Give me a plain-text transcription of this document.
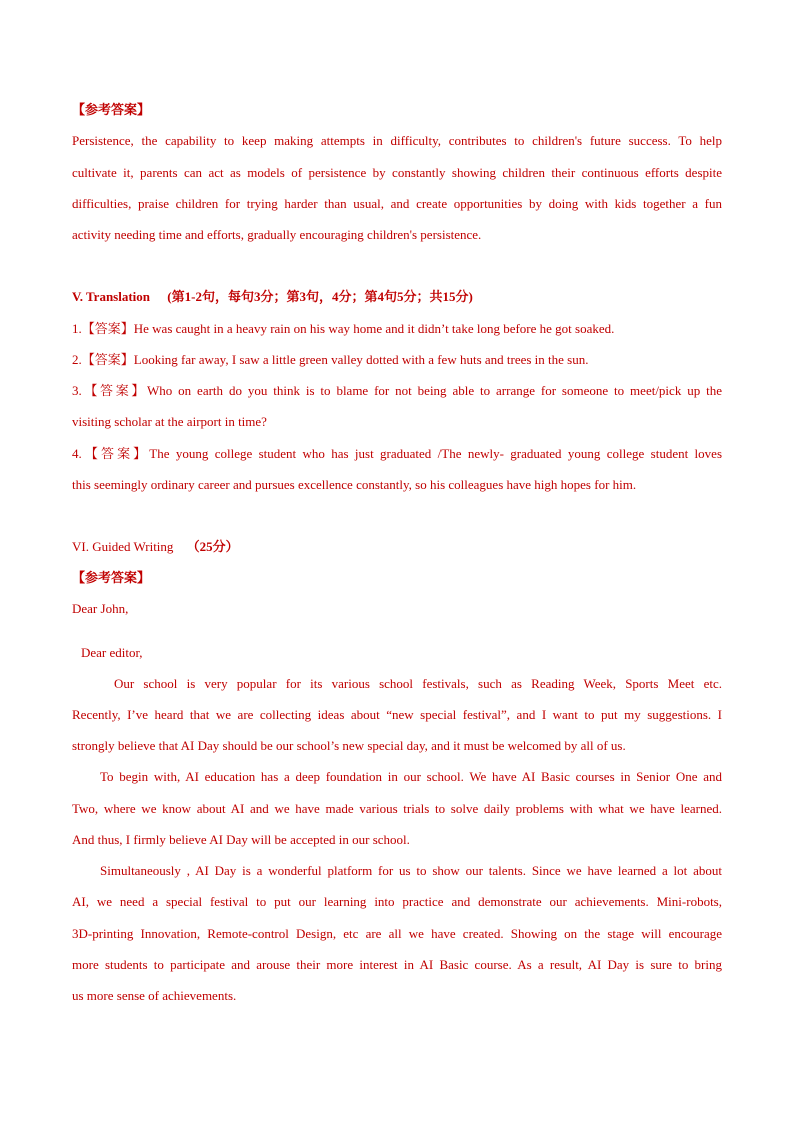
【参考答案】
Persistence, the capability to keep making attempts in difficulty, contributes to children's future success. To help
cultivate it, parents can act as models of persistence by constantly showing children their continuous efforts despite
difficulties, praise children for trying harder than usual, and create opportunities by doing with kids together a fun
activity needing time and efforts, gradually encouraging children's persistence.
V. Translation (第1-2句，每句3分；第3句，4分；第4句5分；共15分)
1.【答案】He was caught in a heavy rain on his way home and it didn’t take long before he got soaked.
2.【答案】Looking far away, I saw a little green valley dotted with a few huts and trees in the sun.
3.【答案】Who on earth do you think is to blame for not being able to arrange for someone to meet/pick up the
visiting scholar at the airport in time?
4.【答案】The young college student who has just graduated /The newly- graduated young college student loves
this seemingly ordinary career and pursues excellence constantly, so his colleagues have high hopes for him.
VI. Guided Writing （25分）
【参考答案】
Dear John,
Dear editor,
Our school is very popular for its various school festivals, such as Reading Week, Sports Meet etc.
Recently, I’ve heard that we are collecting ideas about “new special festival”, and I want to put my suggestions. I
strongly believe that AI Day should be our school’s new special day, and it must be welcomed by all of us.
To begin with, AI education has a deep foundation in our school. We have AI Basic courses in Senior One and
Two, where we know about AI and we have made various trials to solve daily problems with what we have learned.
And thus, I firmly believe AI Day will be accepted in our school.
Simultaneously , AI Day is a wonderful platform for us to show our talents. Since we have learned a lot about
AI, we need a special festival to put our learning into practice and demonstrate our achievements. Mini-robots,
3D-printing Innovation, Remote-control Design, etc are all we have created. Showing on the stage will encourage
more students to participate and arouse their more interest in AI Basic course. As a result, AI Day is sure to bring
us more sense of achievements.
